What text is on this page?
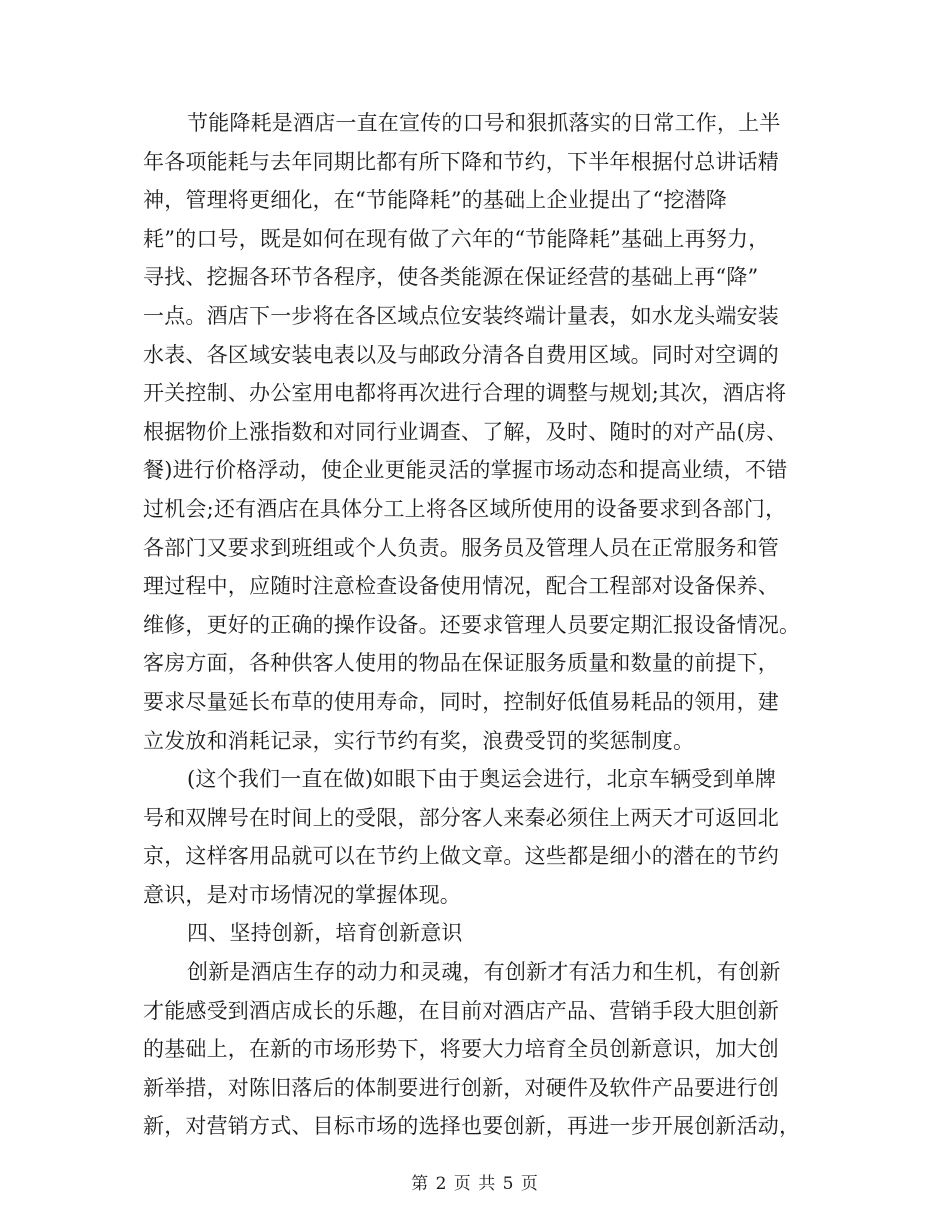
节能降耗是酒店一直在宣传的口号和狠抓落实的日常工作，上半
年各项能耗与去年同期比都有所下降和节约，下半年根据付总讲话精
神，管理将更细化，在“节能降耗”的基础上企业提出了“挖潜降
耗”的口号，既是如何在现有做了六年的“节能降耗”基础上再努力，
寻找、挖掘各环节各程序，使各类能源在保证经营的基础上再“降”
一点。酒店下一步将在各区域点位安装终端计量表，如水龙头端安装
水表、各区域安装电表以及与邮政分清各自费用区域。同时对空调的
开关控制、办公室用电都将再次进行合理的调整与规划;其次，酒店将
根据物价上涨指数和对同行业调查、了解，及时、随时的对产品(房、
餐)进行价格浮动，使企业更能灵活的掌握市场动态和提高业绩，不错
过机会;还有酒店在具体分工上将各区域所使用的设备要求到各部门，
各部门又要求到班组或个人负责。服务员及管理人员在正常服务和管
理过程中，应随时注意检查设备使用情况，配合工程部对设备保养、
维修，更好的正确的操作设备。还要求管理人员要定期汇报设备情况。
客房方面，各种供客人使用的物品在保证服务质量和数量的前提下，
要求尽量延长布草的使用寿命，同时，控制好低值易耗品的领用，建
立发放和消耗记录，实行节约有奖，浪费受罚的奖惩制度。
(这个我们一直在做)如眼下由于奥运会进行，北京车辆受到单牌
号和双牌号在时间上的受限，部分客人来秦必须住上两天才可返回北
京，这样客用品就可以在节约上做文章。这些都是细小的潜在的节约
意识，是对市场情况的掌握体现。
四、坚持创新，培育创新意识
创新是酒店生存的动力和灵魂，有创新才有活力和生机，有创新
才能感受到酒店成长的乐趣，在目前对酒店产品、营销手段大胆创新
的基础上，在新的市场形势下，将要大力培育全员创新意识，加大创
新举措，对陈旧落后的体制要进行创新，对硬件及软件产品要进行创
新，对营销方式、目标市场的选择也要创新，再进一步开展创新活动，
第 2 页 共 5 页
